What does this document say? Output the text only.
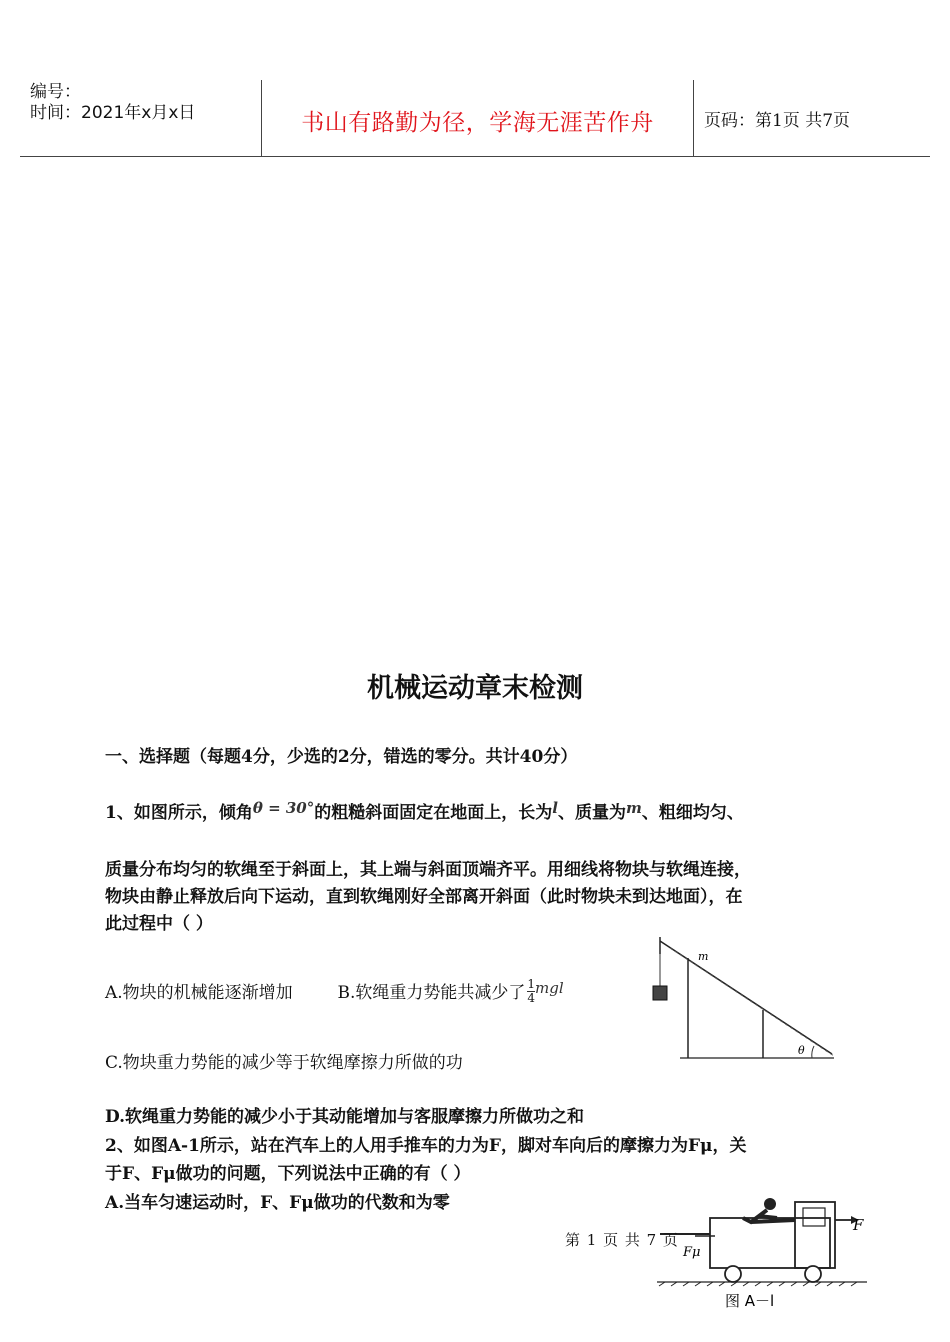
编号：
时间：2021年x月x日	书山有路勤为径，学海无涯苦作舟	页码：第1页 共7页
机械运动章末检测
一、选择题（每题4分，少选的2分，错选的零分。共计40分）
1、如图所示，倾角θ = 30°的粗糙斜面固定在地面上，长为l、质量为m、粗细均匀、
质量分布均匀的软绳至于斜面上，其上端与斜面顶端齐平。用细线将物块与软绳连接，
物块由静止释放后向下运动，直到软绳刚好全部离开斜面（此时物块未到达地面），在
此过程中（ ）
A.物块的机械能逐渐增加	B.软绳重力势能共减少了 $\frac{1}{4}$ mgl
C.物块重力势能的减少等于软绳摩擦力所做的功
D.软绳重力势能的减少小于其动能增加与客服摩擦力所做功之和
2、如图A-1所示，站在汽车上的人用手推车的力为F，脚对车向后的摩擦力为Fμ，关
于F、Fμ做功的问题，下列说法中正确的有（ ）
A.当车匀速运动时，F、Fμ做功的代数和为零
m
θ
F
Fμ
图 A－l
第 1 页 共 7 页
